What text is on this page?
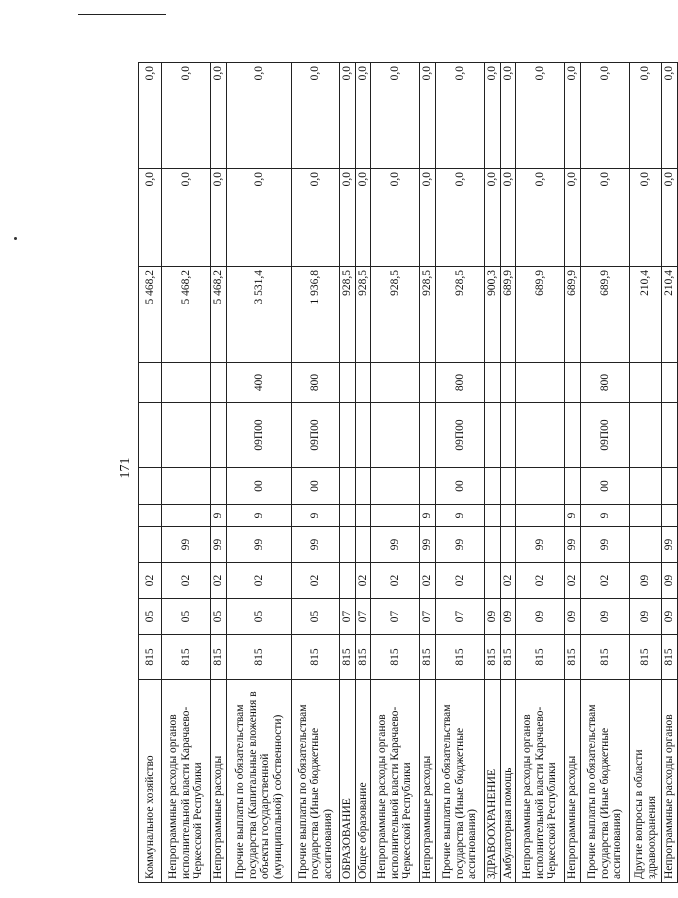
171
Коммунальное хозяйство	815	05	02						5 468,2	0,0	0,0
Непрограммные расходы органов исполнительной власти Карачаево-Черкесской Республики	815	05	02	99					5 468,2	0,0	0,0
Непрограммные расходы	815	05	02	99	9				5 468,2	0,0	0,0
Прочие выплаты по обязательствам государства (Капитальные вложения в объекты государственной (муниципальной) собственности)	815	05	02	99	9	00	09П00	400	3 531,4	0,0	0,0
Прочие выплаты по обязательствам государства (Иные бюджетные ассигнования)	815	05	02	99	9	00	09П00	800	1 936,8	0,0	0,0
ОБРАЗОВАНИЕ	815	07							928,5	0,0	0,0
Общее образование	815	07	02						928,5	0,0	0,0
Непрограммные расходы органов исполнительной власти Карачаево-Черкесской Республики	815	07	02	99					928,5	0,0	0,0
Непрограммные расходы	815	07	02	99	9				928,5	0,0	0,0
Прочие выплаты по обязательствам государства (Иные бюджетные ассигнования)	815	07	02	99	9	00	09П00	800	928,5	0,0	0,0
ЗДРАВООХРАНЕНИЕ	815	09							900,3	0,0	0,0
Амбулаторная помощь	815	09	02						689,9	0,0	0,0
Непрограммные расходы органов исполнительной власти Карачаево-Черкесской Республики	815	09	02	99					689,9	0,0	0,0
Непрограммные расходы	815	09	02	99	9				689,9	0,0	0,0
Прочие выплаты по обязательствам государства (Иные бюджетные ассигнования)	815	09	02	99	9	00	09П00	800	689,9	0,0	0,0
Другие вопросы в области здравоохранения	815	09	09						210,4	0,0	0,0
Непрограммные расходы органов	815	09	09	99					210,4	0,0	0,0
